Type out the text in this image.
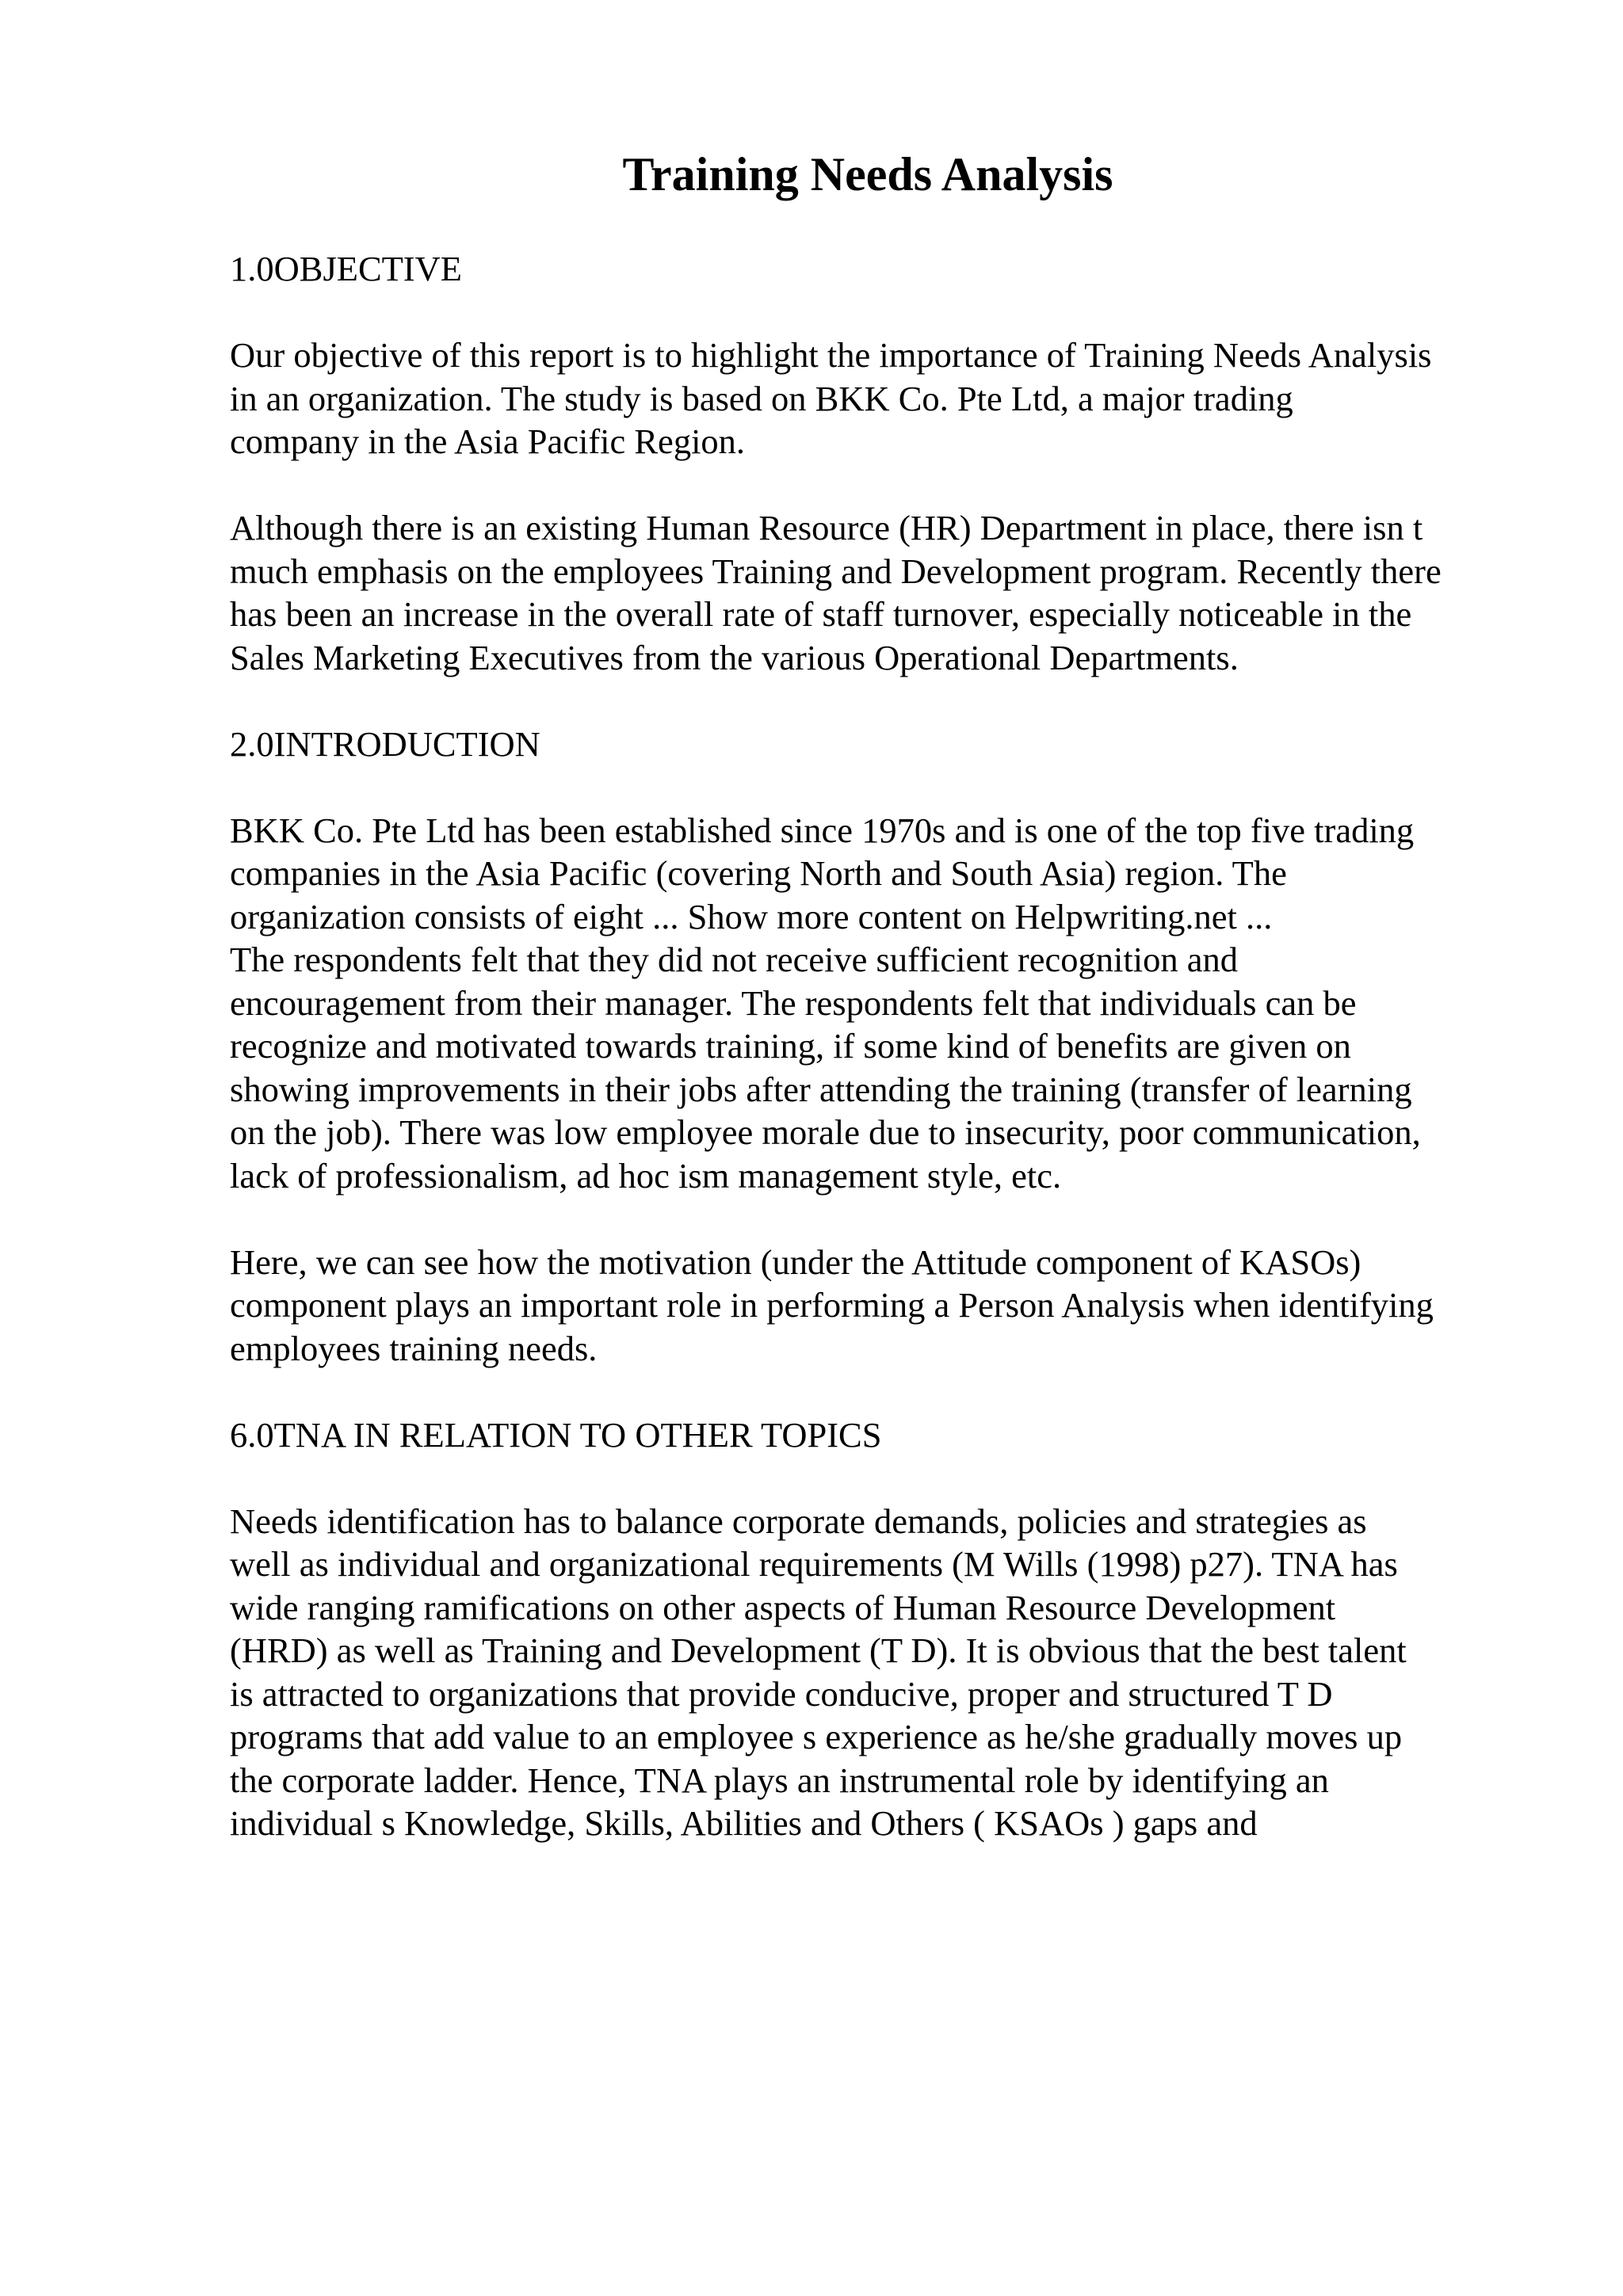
Training Needs Analysis

1.0OBJECTIVE

Our objective of this report is to highlight the importance of Training Needs Analysis
in an organization. The study is based on BKK Co. Pte Ltd, a major trading
company in the Asia Pacific Region.

Although there is an existing Human Resource (HR) Department in place, there isn t
much emphasis on the employees Training and Development program. Recently there
has been an increase in the overall rate of staff turnover, especially noticeable in the
Sales Marketing Executives from the various Operational Departments.

2.0INTRODUCTION

BKK Co. Pte Ltd has been established since 1970s and is one of the top five trading
companies in the Asia Pacific (covering North and South Asia) region. The
organization consists of eight ... Show more content on Helpwriting.net ...
The respondents felt that they did not receive sufficient recognition and
encouragement from their manager. The respondents felt that individuals can be
recognize and motivated towards training, if some kind of benefits are given on
showing improvements in their jobs after attending the training (transfer of learning
on the job). There was low employee morale due to insecurity, poor communication,
lack of professionalism, ad hoc ism management style, etc.

Here, we can see how the motivation (under the Attitude component of KASOs)
component plays an important role in performing a Person Analysis when identifying
employees training needs.

6.0TNA IN RELATION TO OTHER TOPICS

Needs identification has to balance corporate demands, policies and strategies as
well as individual and organizational requirements (M Wills (1998) p27). TNA has
wide ranging ramifications on other aspects of Human Resource Development
(HRD) as well as Training and Development (T D). It is obvious that the best talent
is attracted to organizations that provide conducive, proper and structured T D
programs that add value to an employee s experience as he/she gradually moves up
the corporate ladder. Hence, TNA plays an instrumental role by identifying an
individual s Knowledge, Skills, Abilities and Others ( KSAOs ) gaps and
